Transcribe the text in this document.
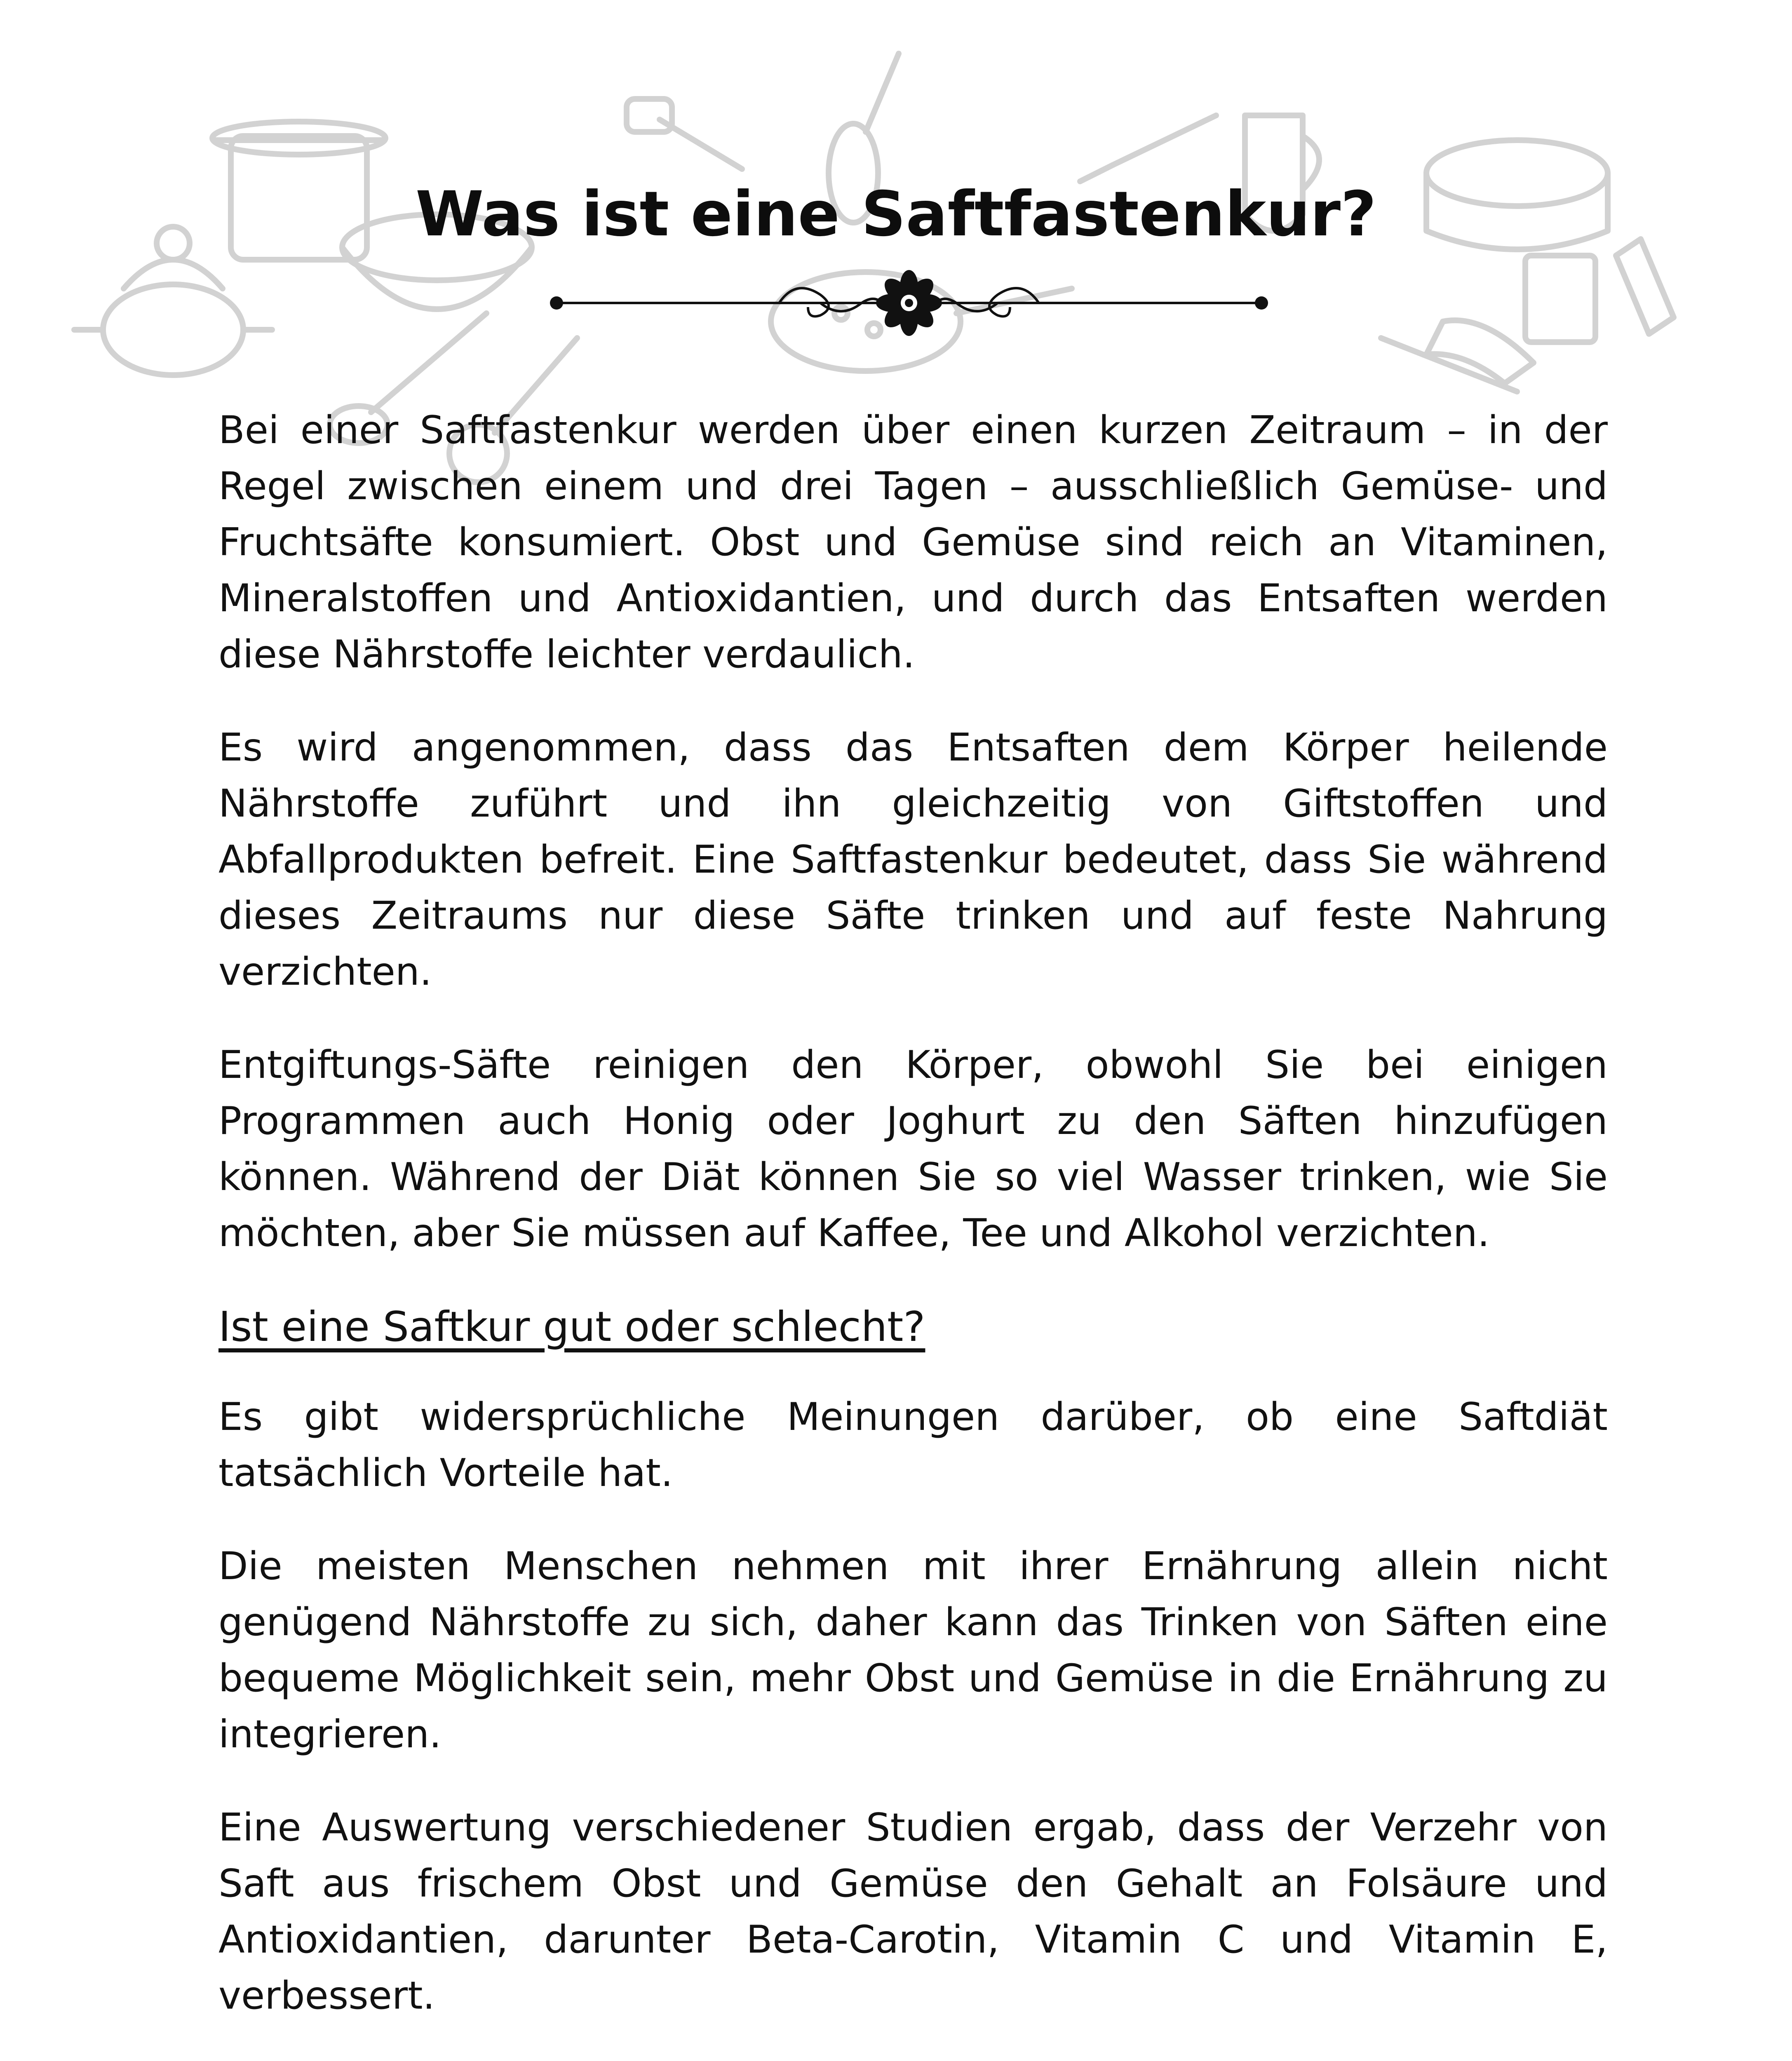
Was ist eine Saftfastenkur?

Bei einer Saftfastenkur werden über einen kurzen Zeitraum – in der Regel zwischen einem und drei Tagen – ausschließlich Gemüse- und Fruchtsäfte konsumiert. Obst und Gemüse sind reich an Vitaminen, Mineralstoffen und Antioxidantien, und durch das Entsaften werden diese Nährstoffe leichter verdaulich.

Es wird angenommen, dass das Entsaften dem Körper heilende Nährstoffe zuführt und ihn gleichzeitig von Giftstoffen und Abfallprodukten befreit. Eine Saftfastenkur bedeutet, dass Sie während dieses Zeitraums nur diese Säfte trinken und auf feste Nahrung verzichten.

Entgiftungs-Säfte reinigen den Körper, obwohl Sie bei einigen Programmen auch Honig oder Joghurt zu den Säften hinzufügen können. Während der Diät können Sie so viel Wasser trinken, wie Sie möchten, aber Sie müssen auf Kaffee, Tee und Alkohol verzichten.

Ist eine Saftkur gut oder schlecht?

Es gibt widersprüchliche Meinungen darüber, ob eine Saftdiät tatsächlich Vorteile hat.

Die meisten Menschen nehmen mit ihrer Ernährung allein nicht genügend Nährstoffe zu sich, daher kann das Trinken von Säften eine bequeme Möglichkeit sein, mehr Obst und Gemüse in die Ernährung zu integrieren.

Eine Auswertung verschiedener Studien ergab, dass der Verzehr von Saft aus frischem Obst und Gemüse den Gehalt an Folsäure und Antioxidantien, darunter Beta-Carotin, Vitamin C und Vitamin E, verbessert.
